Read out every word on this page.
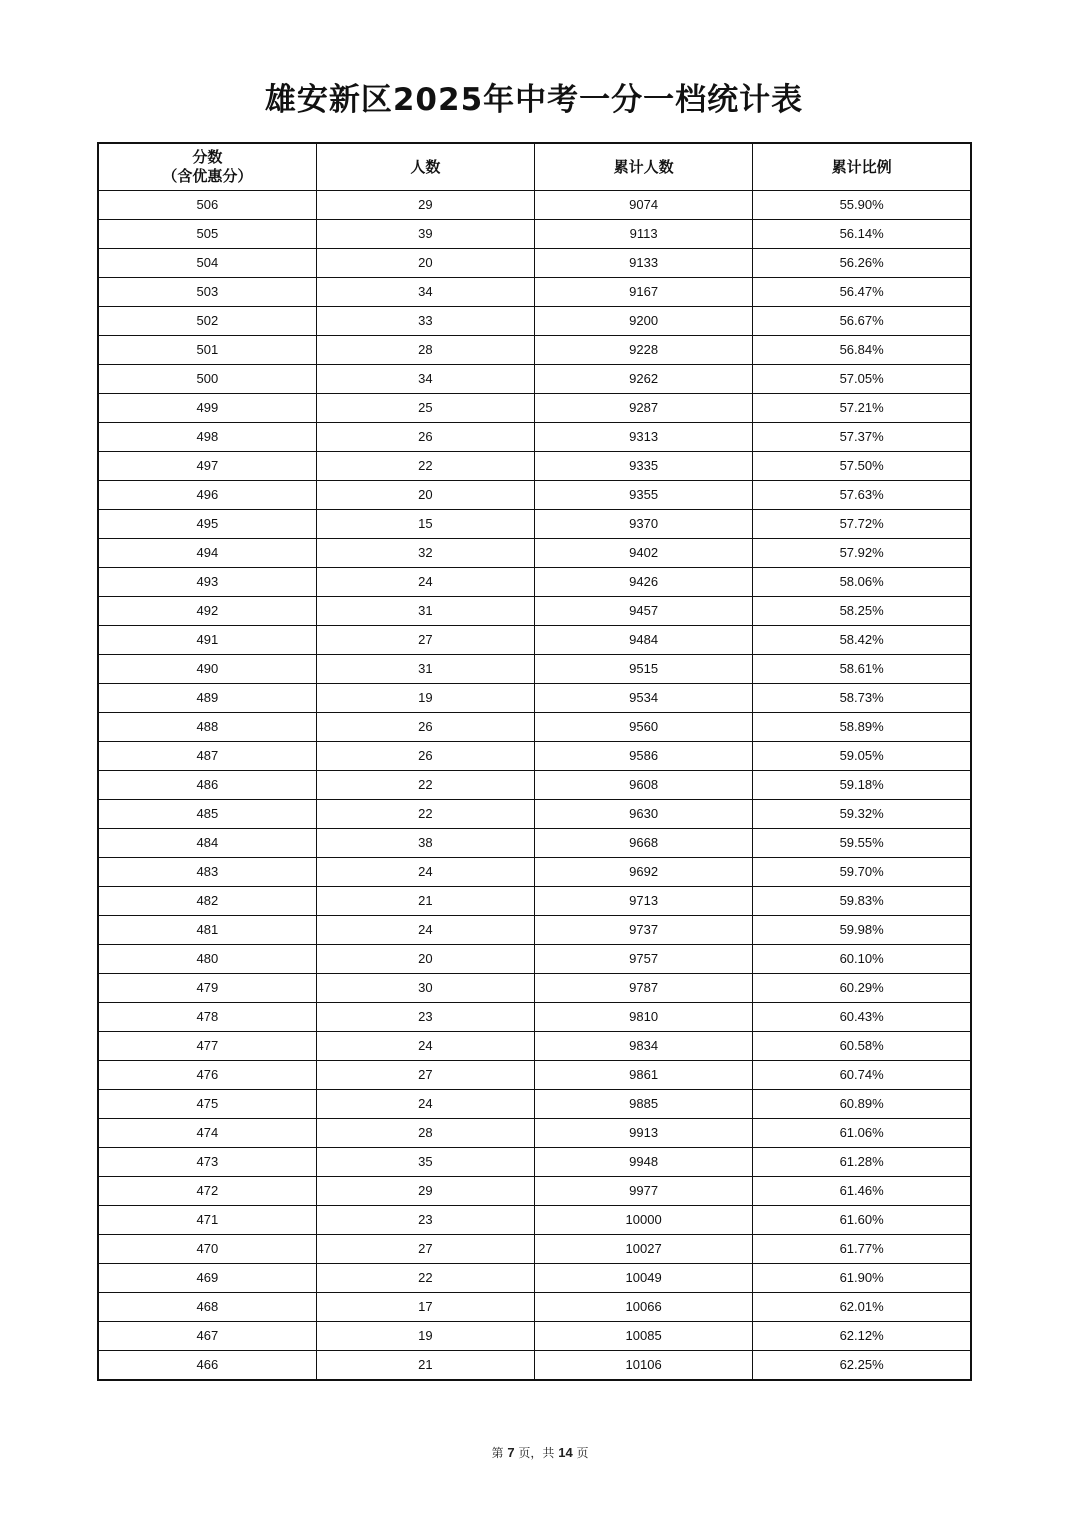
雄安新区2025年中考一分一档统计表
分数
（含优惠分）	人数	累计人数	累计比例
506	29	9074	55.90%
505	39	9113	56.14%
504	20	9133	56.26%
503	34	9167	56.47%
502	33	9200	56.67%
501	28	9228	56.84%
500	34	9262	57.05%
499	25	9287	57.21%
498	26	9313	57.37%
497	22	9335	57.50%
496	20	9355	57.63%
495	15	9370	57.72%
494	32	9402	57.92%
493	24	9426	58.06%
492	31	9457	58.25%
491	27	9484	58.42%
490	31	9515	58.61%
489	19	9534	58.73%
488	26	9560	58.89%
487	26	9586	59.05%
486	22	9608	59.18%
485	22	9630	59.32%
484	38	9668	59.55%
483	24	9692	59.70%
482	21	9713	59.83%
481	24	9737	59.98%
480	20	9757	60.10%
479	30	9787	60.29%
478	23	9810	60.43%
477	24	9834	60.58%
476	27	9861	60.74%
475	24	9885	60.89%
474	28	9913	61.06%
473	35	9948	61.28%
472	29	9977	61.46%
471	23	10000	61.60%
470	27	10027	61.77%
469	22	10049	61.90%
468	17	10066	62.01%
467	19	10085	62.12%
466	21	10106	62.25%
第 7 页，共 14 页
